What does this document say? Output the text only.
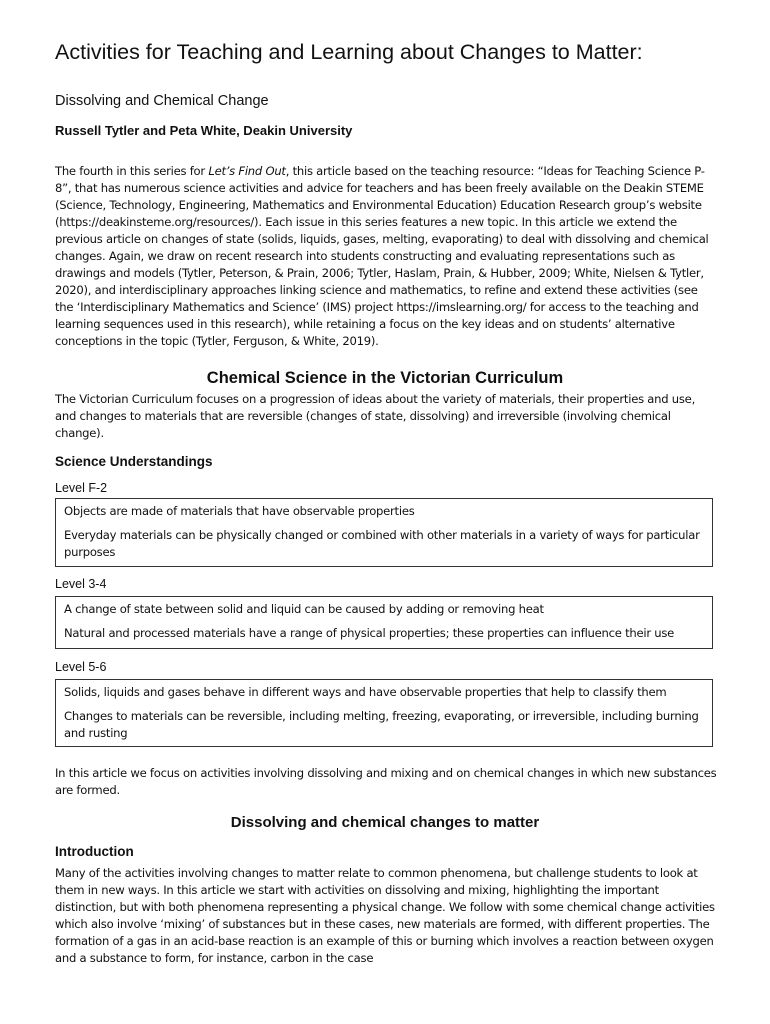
Activities for Teaching and Learning about Changes to Matter:

Dissolving and Chemical Change

Russell Tytler and Peta White, Deakin University

The fourth in this series for Let’s Find Out, this article based on the teaching resource: “Ideas for Teaching Science P-8”, that has numerous science activities and advice for teachers and has been freely available on the Deakin STEME (Science, Technology, Engineering, Mathematics and Environmental Education) Education Research group’s website (https://deakinsteme.org/resources/). Each issue in this series features a new topic. In this article we extend the previous article on changes of state (solids, liquids, gases, melting, evaporating) to deal with dissolving and chemical changes. Again, we draw on recent research into students constructing and evaluating representations such as drawings and models (Tytler, Peterson, & Prain, 2006; Tytler, Haslam, Prain, & Hubber, 2009; White, Nielsen & Tytler, 2020), and interdisciplinary approaches linking science and mathematics, to refine and extend these activities (see the ‘Interdisciplinary Mathematics and Science’ (IMS) project https://imslearning.org/ for access to the teaching and learning sequences used in this research), while retaining a focus on the key ideas and on students’ alternative conceptions in the topic (Tytler, Ferguson, & White, 2019).

Chemical Science in the Victorian Curriculum

The Victorian Curriculum focuses on a progression of ideas about the variety of materials, their properties and use, and changes to materials that are reversible (changes of state, dissolving) and irreversible (involving chemical change).

Science Understandings

Level F-2

Objects are made of materials that have observable properties

Everyday materials can be physically changed or combined with other materials in a variety of ways for particular purposes

Level 3-4

A change of state between solid and liquid can be caused by adding or removing heat

Natural and processed materials have a range of physical properties; these properties can influence their use

Level 5-6

Solids, liquids and gases behave in different ways and have observable properties that help to classify them

Changes to materials can be reversible, including melting, freezing, evaporating, or irreversible, including burning and rusting

In this article we focus on activities involving dissolving and mixing and on chemical changes in which new substances are formed.

Dissolving and chemical changes to matter
Introduction

Many of the activities involving changes to matter relate to common phenomena, but challenge students to look at them in new ways. In this article we start with activities on dissolving and mixing, highlighting the important distinction, but with both phenomena representing a physical change. We follow with some chemical change activities which also involve ‘mixing’ of substances but in these cases, new materials are formed, with different properties. The formation of a gas in an acid-base reaction is an example of this or burning which involves a reaction between oxygen and a substance to form, for instance, carbon in the case
